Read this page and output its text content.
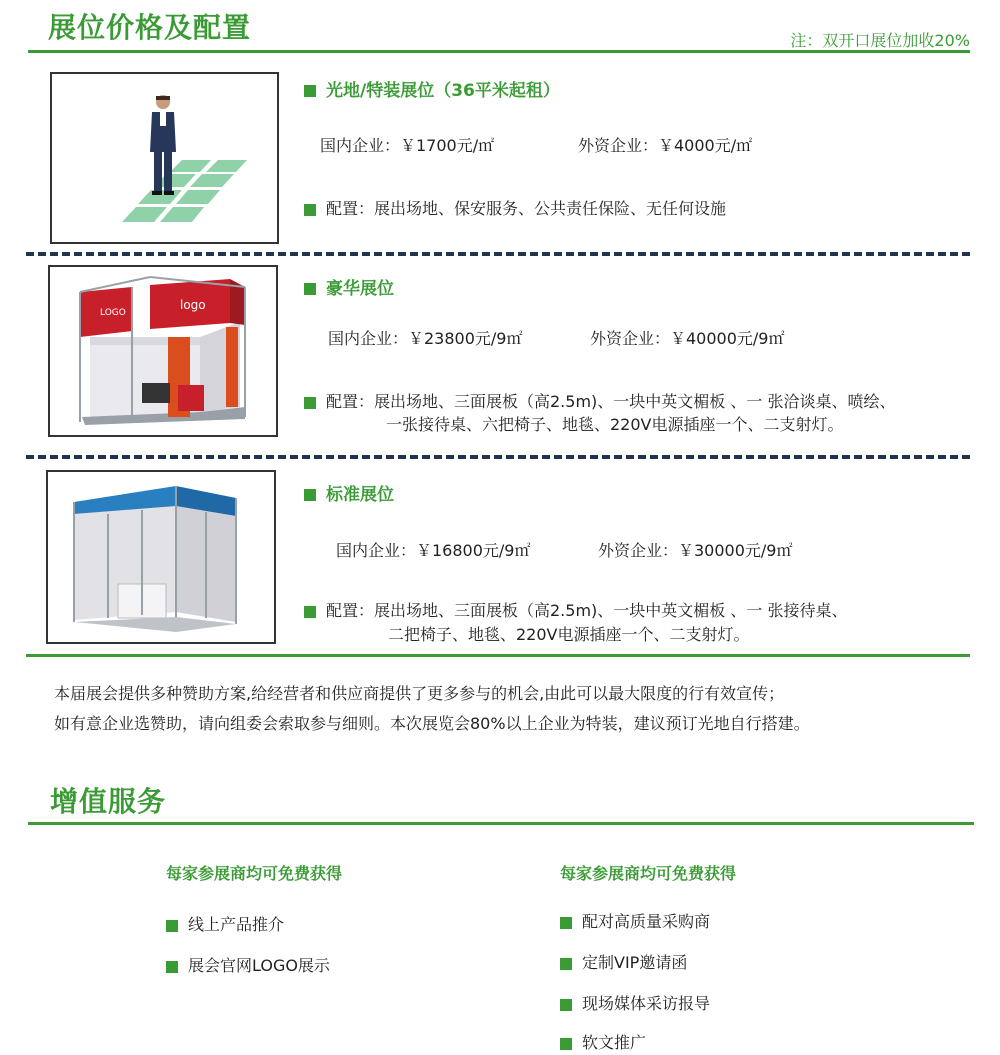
展位价格及配置	注：双开口展位加收20%
光地/特装展位（36平米起租）
国内企业：￥1700元/㎡	外资企业：￥4000元/㎡
配置：展出场地、保安服务、公共责任保险、无任何设施
LOGO
logo
豪华展位
国内企业：￥23800元/9㎡	外资企业：￥40000元/9㎡
配置：展出场地、三面展板（高2.5m)、一块中英文楣板 、一 张洽谈桌、喷绘、
一张接待桌、六把椅子、地毯、220V电源插座一个、二支射灯。
标准展位
国内企业：￥16800元/9㎡	外资企业：￥30000元/9㎡
配置：展出场地、三面展板（高2.5m)、一块中英文楣板 、一 张接待桌、
二把椅子、地毯、220V电源插座一个、二支射灯。
本届展会提供多种赞助方案,给经营者和供应商提供了更多参与的机会,由此可以最大限度的行有效宣传；
如有意企业选赞助，请向组委会索取参与细则。本次展览会80%以上企业为特装，建议预订光地自行搭建。
增值服务
每家参展商均可免费获得
线上产品推介
展会官网LOGO展示
每家参展商均可免费获得
配对高质量采购商
定制VIP邀请函
现场媒体采访报导
软文推广
